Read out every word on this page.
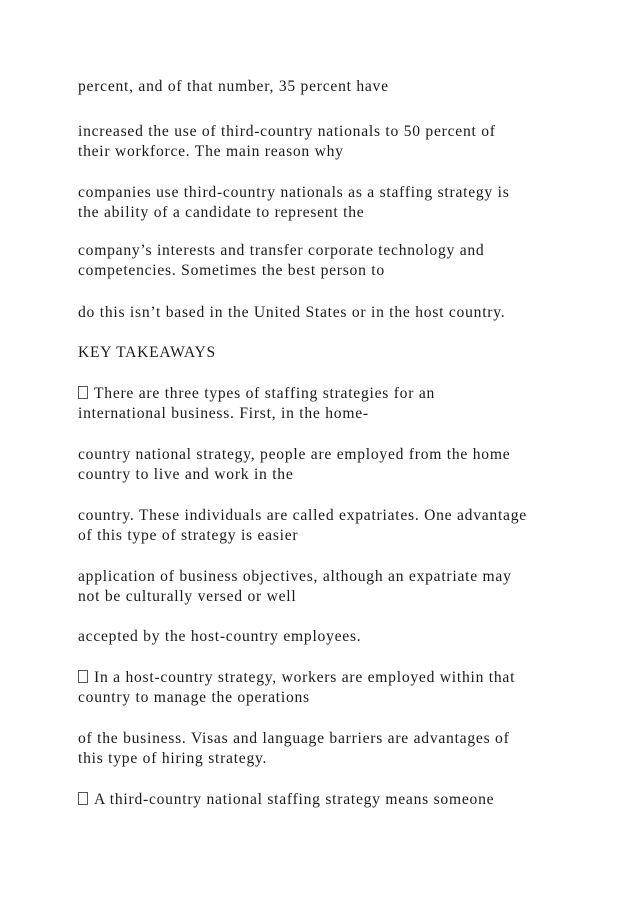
percent, and of that number, 35 percent have

increased the use of third-country nationals to 50 percent of
their workforce. The main reason why

companies use third-country nationals as a staffing strategy is
the ability of a candidate to represent the

company’s interests and transfer corporate technology and
competencies. Sometimes the best person to

do this isn’t based in the United States or in the host country.

KEY TAKEAWAYS

There are three types of staffing strategies for an
international business. First, in the home-

country national strategy, people are employed from the home
country to live and work in the

country. These individuals are called expatriates. One advantage
of this type of strategy is easier

application of business objectives, although an expatriate may
not be culturally versed or well

accepted by the host-country employees.

In a host-country strategy, workers are employed within that
country to manage the operations

of the business. Visas and language barriers are advantages of
this type of hiring strategy.

A third-country national staffing strategy means someone
